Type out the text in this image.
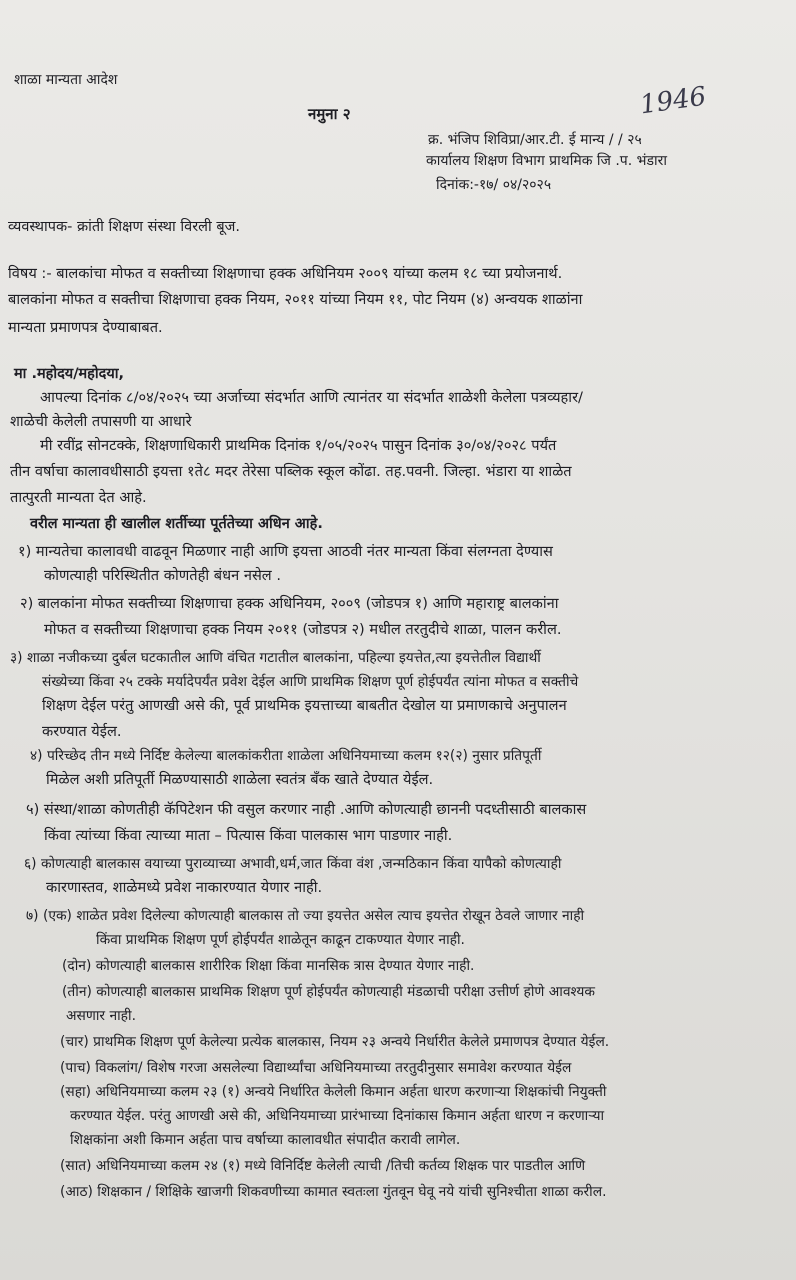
शाळा मान्यता आदेश
नमुना २	1946
क्र. भंजिप शिविप्रा/आर.टी. ई मान्य / / २५
कार्यालय शिक्षण विभाग प्राथमिक जि .प. भंडारा
दिनांक:-१७/ ०४/२०२५
व्यवस्थापक- क्रांती शिक्षण संस्था विरली बूज.
विषय :- बालकांचा मोफत व सक्तीच्या शिक्षणाचा हक्क अधिनियम २००९ यांच्या कलम १८ च्या प्रयोजनार्थ.
बालकांना मोफत व सक्तीचा शिक्षणाचा हक्क नियम, २०११ यांच्या नियम ११, पोट नियम (४) अन्वयक शाळांना
मान्यता प्रमाणपत्र देण्याबाबत.
मा .महोदय/महोदया,
आपल्या दिनांक ८/०४/२०२५ च्या अर्जाच्या संदर्भात आणि त्यानंतर या संदर्भात शाळेशी केलेला पत्रव्यहार/
शाळेची केलेली तपासणी या आधारे
मी रवींद्र सोनटक्के, शिक्षणाधिकारी प्राथमिक दिनांक १/०५/२०२५ पासुन दिनांक ३०/०४/२०२८ पर्यंत
तीन वर्षाचा कालावधीसाठी इयत्ता १ते८ मदर तेरेसा पब्लिक स्कूल कोंढा. तह.पवनी. जिल्हा. भंडारा या शाळेत
तात्पुरती मान्यता देत आहे.
वरील मान्यता ही खालील शर्तीच्या पूर्ततेच्या अधिन आहे.
१) मान्यतेचा कालावधी वाढवून मिळणार नाही आणि इयत्ता आठवी नंतर मान्यता किंवा संलग्नता देण्यास
कोणत्याही परिस्थितीत कोणतेही बंधन नसेल .
२) बालकांना मोफत सक्तीच्या शिक्षणाचा हक्क अधिनियम, २००९ (जोडपत्र १) आणि महाराष्ट्र बालकांना
मोफत व सक्तीच्या शिक्षणाचा हक्क नियम २०११ (जोडपत्र २) मधील तरतुदीचे शाळा, पालन करील.
३) शाळा नजीकच्या दुर्बल घटकातील आणि वंचित गटातील बालकांना, पहिल्या इयत्तेत,त्या इयत्तेतील विद्यार्थी
संख्येच्या किंवा २५ टक्के मर्यादेपर्यंत प्रवेश देईल आणि प्राथमिक शिक्षण पूर्ण होईपर्यंत त्यांना मोफत व सक्तीचे
शिक्षण देईल परंतु आणखी असे की, पूर्व प्राथमिक इयत्ताच्या बाबतीत देखोल या प्रमाणकाचे अनुपालन
करण्यात येईल.
४) परिच्छेद तीन मध्ये निर्दिष्ट केलेल्या बालकांकरीता शाळेला अधिनियमाच्या कलम १२(२) नुसार प्रतिपूर्ती
मिळेल अशी प्रतिपूर्ती मिळण्यासाठी शाळेला स्वतंत्र बँक खाते देण्यात येईल.
५) संस्था/शाळा कोणतीही कॅपिटेशन फी वसुल करणार नाही .आणि कोणत्याही छाननी पदध्तीसाठी बालकास
किंवा त्यांच्या किंवा त्याच्या माता – पित्यास किंवा पालकास भाग पाडणार नाही.
६) कोणत्याही बालकास वयाच्या पुराव्याच्या अभावी,धर्म,जात किंवा वंश ,जन्मठिकान किंवा यापैको कोणत्याही
कारणास्तव, शाळेमध्ये प्रवेश नाकारण्यात येणार नाही.
७) (एक) शाळेत प्रवेश दिलेल्या कोणत्याही बालकास तो ज्या इयत्तेत असेल त्याच इयत्तेत रोखून ठेवले जाणार नाही
किंवा प्राथमिक शिक्षण पूर्ण होईपर्यंत शाळेतून काढून टाकण्यात येणार नाही.
(दोन) कोणत्याही बालकास शारीरिक शिक्षा किंवा मानसिक त्रास देण्यात येणार नाही.
(तीन) कोणत्याही बालकास प्राथमिक शिक्षण पूर्ण होईपर्यंत कोणत्याही मंडळाची परीक्षा उत्तीर्ण होणे आवश्यक
असणार नाही.
(चार) प्राथमिक शिक्षण पूर्ण केलेल्या प्रत्येक बालकास, नियम २३ अन्वये निर्धारीत केलेले प्रमाणपत्र देण्यात येईल.
(पाच) विकलांग/ विशेष गरजा असलेल्या विद्यार्थ्यांचा अधिनियमाच्या तरतुदीनुसार समावेश करण्यात येईल
(सहा) अधिनियमाच्या कलम २३ (१) अन्वये निर्धारित केलेली किमान अर्हता धारण करणाऱ्या शिक्षकांची नियुक्ती
करण्यात येईल. परंतु आणखी असे की, अधिनियमाच्या प्रारंभाच्या दिनांकास किमान अर्हता धारण न करणाऱ्या
शिक्षकांना अशी किमान अर्हता पाच वर्षाच्या कालावधीत संपादीत करावी लागेल.
(सात) अधिनियमाच्या कलम २४ (१) मध्ये विनिर्दिष्ट केलेली त्याची /तिची कर्तव्य शिक्षक पार पाडतील आणि
(आठ) शिक्षकान / शिक्षिके खाजगी शिकवणीच्या कामात स्वतःला गुंतवून घेवू नये यांची सुनिश्चीता शाळा करील.
